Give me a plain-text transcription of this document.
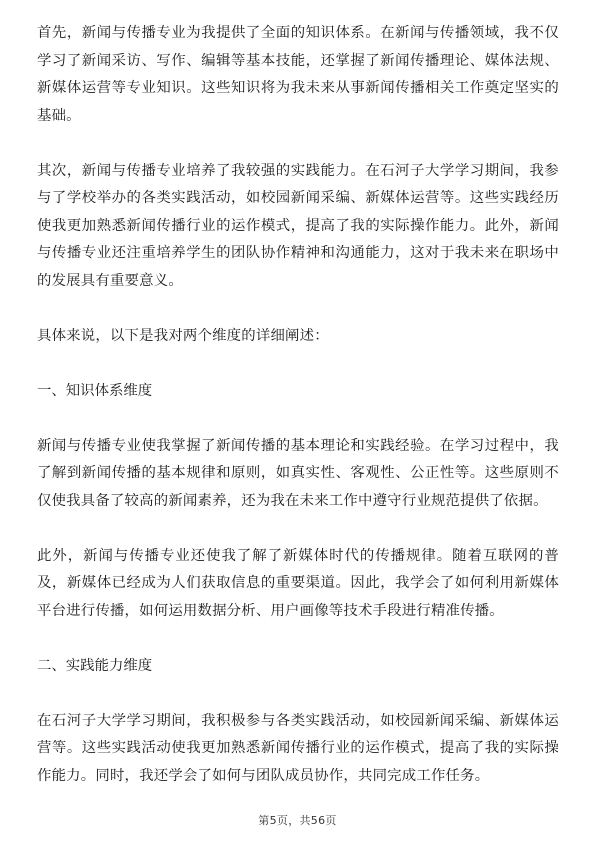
首先，新闻与传播专业为我提供了全面的知识体系。在新闻与传播领域，我不仅学习了新闻采访、写作、编辑等基本技能，还掌握了新闻传播理论、媒体法规、新媒体运营等专业知识。这些知识将为我未来从事新闻传播相关工作奠定坚实的基础。

其次，新闻与传播专业培养了我较强的实践能力。在石河子大学学习期间，我参与了学校举办的各类实践活动，如校园新闻采编、新媒体运营等。这些实践经历使我更加熟悉新闻传播行业的运作模式，提高了我的实际操作能力。此外，新闻与传播专业还注重培养学生的团队协作精神和沟通能力，这对于我未来在职场中的发展具有重要意义。

具体来说，以下是我对两个维度的详细阐述：

一、知识体系维度

新闻与传播专业使我掌握了新闻传播的基本理论和实践经验。在学习过程中，我了解到新闻传播的基本规律和原则，如真实性、客观性、公正性等。这些原则不仅使我具备了较高的新闻素养，还为我在未来工作中遵守行业规范提供了依据。

此外，新闻与传播专业还使我了解了新媒体时代的传播规律。随着互联网的普及，新媒体已经成为人们获取信息的重要渠道。因此，我学会了如何利用新媒体平台进行传播，如何运用数据分析、用户画像等技术手段进行精准传播。

二、实践能力维度

在石河子大学学习期间，我积极参与各类实践活动，如校园新闻采编、新媒体运营等。这些实践活动使我更加熟悉新闻传播行业的运作模式，提高了我的实际操作能力。同时，我还学会了如何与团队成员协作，共同完成工作任务。

第5页，共56页
